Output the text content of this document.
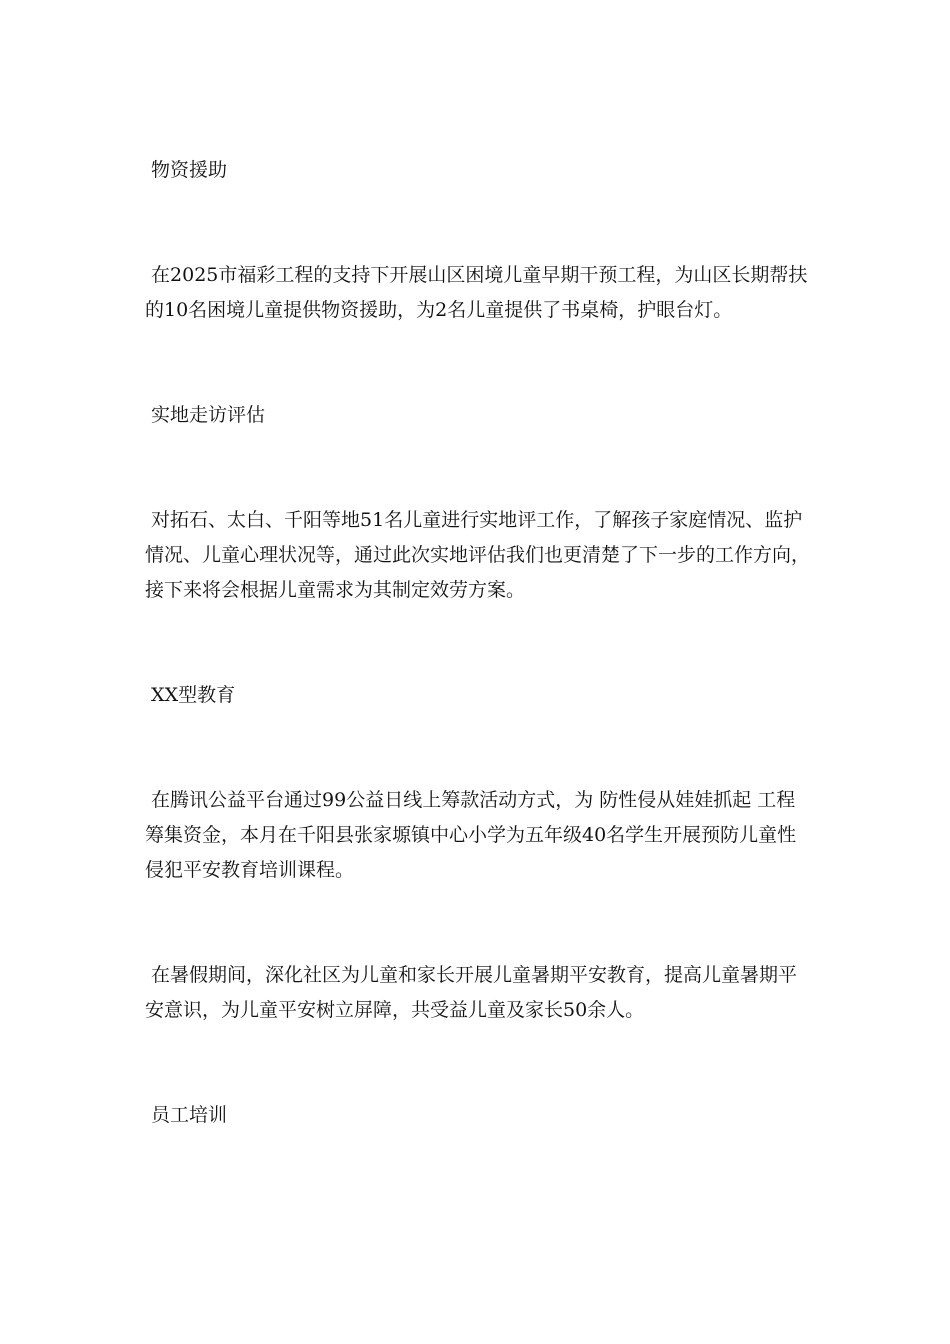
物资援助

在2025市福彩工程的支持下开展山区困境儿童早期干预工程，为山区长期帮扶的10名困境儿童提供物资援助，为2名儿童提供了书桌椅，护眼台灯。

实地走访评估

对拓石、太白、千阳等地51名儿童进行实地评工作，了解孩子家庭情况、监护情况、儿童心理状况等，通过此次实地评估我们也更清楚了下一步的工作方向，接下来将会根据儿童需求为其制定效劳方案。

XX型教育

在腾讯公益平台通过99公益日线上筹款活动方式，为 防性侵从娃娃抓起 工程筹集资金，本月在千阳县张家塬镇中心小学为五年级40名学生开展预防儿童性侵犯平安教育培训课程。

在暑假期间，深化社区为儿童和家长开展儿童暑期平安教育，提高儿童暑期平安意识，为儿童平安树立屏障，共受益儿童及家长50余人。

员工培训
